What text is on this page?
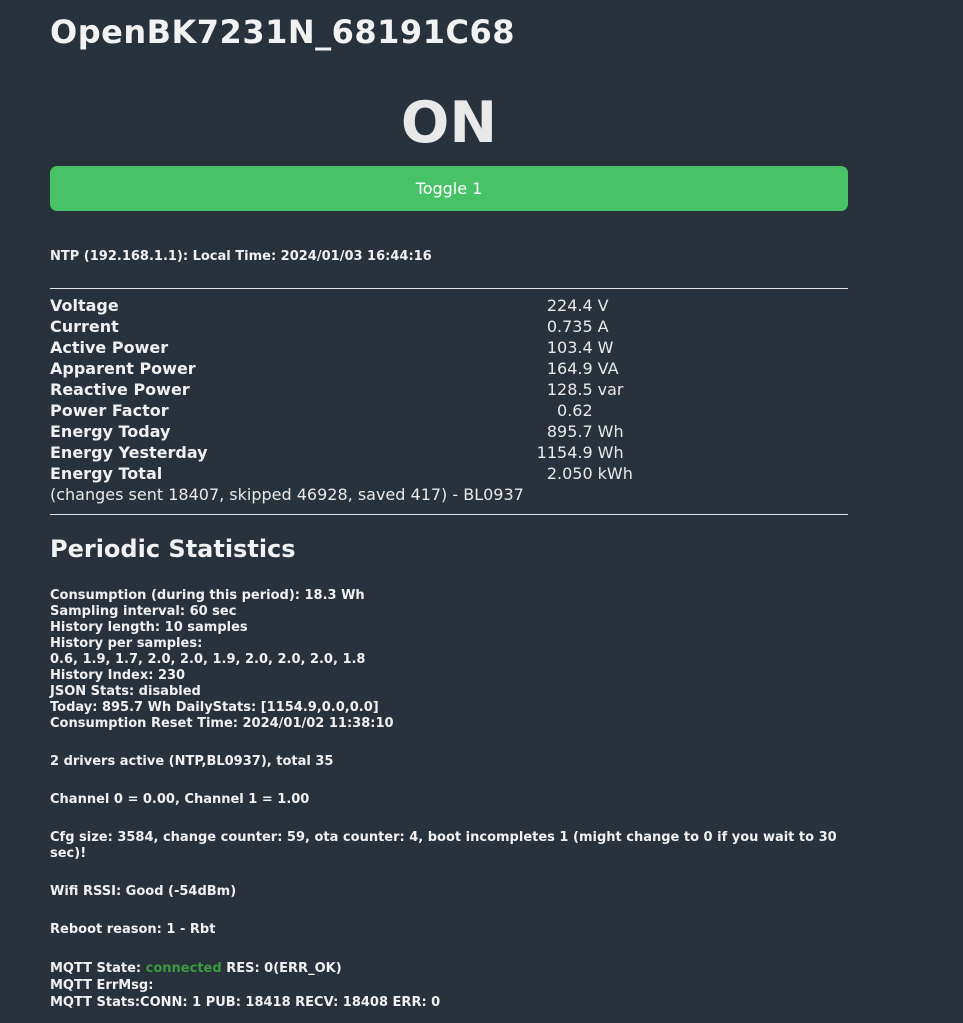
OpenBK7231N_68191C68
ON
Toggle 1
NTP (192.168.1.1): Local Time: 2024/01/03 16:44:16
Voltage	224.4	V
Current	0.735	A
Active Power	103.4	W
Apparent Power	164.9	VA
Reactive Power	128.5	var
Power Factor	0.62	
Energy Today	895.7	Wh
Energy Yesterday	1154.9	Wh
Energy Total	2.050	kWh
(changes sent 18407, skipped 46928, saved 417) - BL0937
Periodic Statistics
Consumption (during this period): 18.3 Wh
Sampling interval: 60 sec
History length: 10 samples
History per samples:
0.6, 1.9, 1.7, 2.0, 2.0, 1.9, 2.0, 2.0, 2.0, 1.8
History Index: 230
JSON Stats: disabled
Today: 895.7 Wh DailyStats: [1154.9,0.0,0.0]
Consumption Reset Time: 2024/01/02 11:38:10
2 drivers active (NTP,BL0937), total 35
Channel 0 = 0.00, Channel 1 = 1.00
Cfg size: 3584, change counter: 59, ota counter: 4, boot incompletes 1 (might change to 0 if you wait to 30 sec)!
Wifi RSSI: Good (-54dBm)
Reboot reason: 1 - Rbt
MQTT State: connected RES: 0(ERR_OK)
MQTT ErrMsg:
MQTT Stats:CONN: 1 PUB: 18418 RECV: 18408 ERR: 0
